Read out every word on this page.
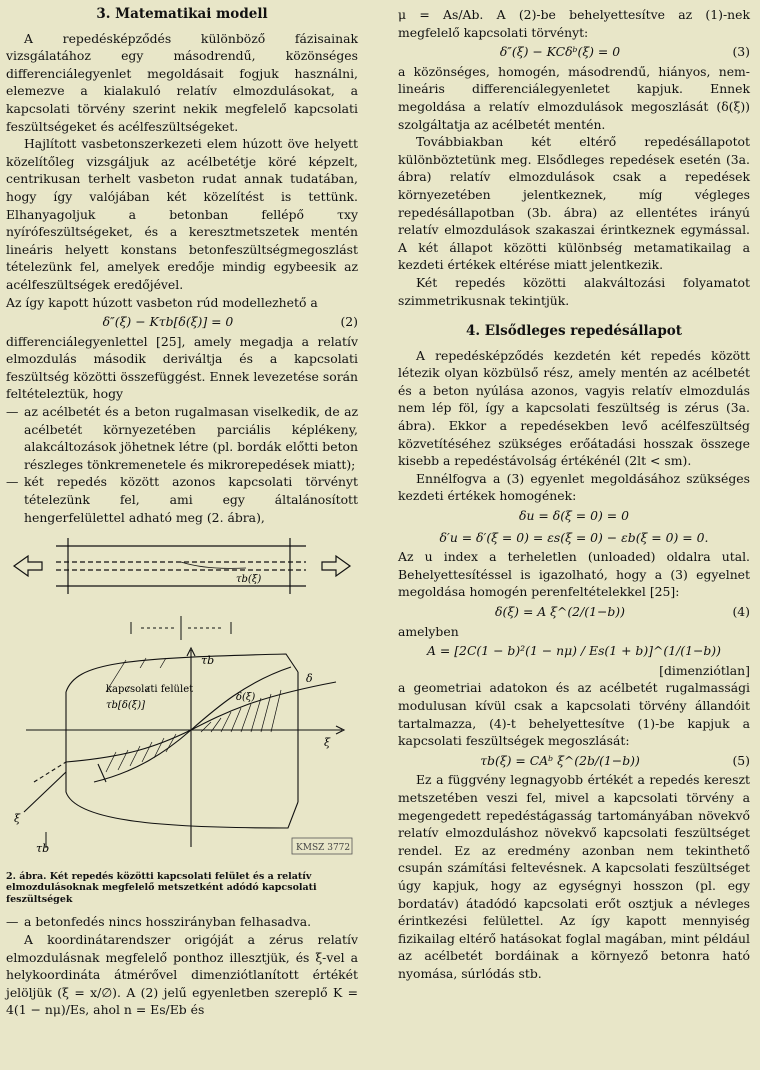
3. Matematikai modell

A repedésképződés különböző fázisainak vizsgálatához egy másodrendű, közönséges differenciálegyenlet megoldásait fogjuk használni, elemezve a kialakuló relatív elmozdulásokat, a kapcsolati törvény szerint nekik megfelelő kapcsolati feszültségeket és acélfeszültségeket.

Hajlított vasbetonszerkezeti elem húzott öve helyett közelítőleg vizsgáljuk az acélbetétje köré képzelt, centrikusan terhelt vasbeton rudat annak tudatában, hogy így valójában két közelítést is tettünk. Elhanyagoljuk a betonban fellépő τxy nyírófeszültségeket, és a keresztmetszetek mentén lineáris helyett konstans betonfeszültségmegoszlást tételezünk fel, amelyek eredője mindig egybeesik az acélfeszültségek eredőjével.

Az így kapott húzott vasbeton rúd modellezhető a

δ″(ξ) − Kτb[δ(ξ)] = 0	(2)

differenciálegyenlettel [25], amely megadja a relatív elmozdulás második deriváltja és a kapcsolati feszültség közötti összefüggést. Ennek levezetése során feltételeztük, hogy

— az acélbetét és a beton rugalmasan viselkedik, de az acélbetét környezetében parciális képlékeny, alakcáltozások jöhetnek létre (pl. bordák előtti beton részleges tönkremenetele és mikrorepedések miatt);
— két repedés között azonos kapcsolati törvényt tételezünk fel, ami egy általánosított hengerfelülettel adható meg (2. ábra),
τb(ξ)
kapcsolati felület
τb[δ(ξ)]
δ(ξ)
δ
τb
ξ
ξ
τb	KMSZ 3772
2. ábra. Két repedés közötti kapcsolati felület és a relatív elmozdulásoknak megfelelő metszetként adódó kapcsolati feszültségek
— a betonfedés nincs hosszirányban felhasadva.

A koordinátarendszer origóját a zérus relatív elmozdulásnak megfelelő ponthoz illesztjük, és ξ-vel a helykoordináta átmérővel dimenziótlanított értékét jelöljük (ξ = x/∅). A (2) jelű egyenletben szereplő K = 4(1 − nμ)/Es, ahol n = Es/Eb és

μ = As/Ab. A (2)-be behelyettesítve az (1)-nek megfelelő kapcsolati törvényt:

δ″(ξ) − KCδᵇ(ξ) = 0	(3)

a közönséges, homogén, másodrendű, hiányos, nem-lineáris differenciálegyenletet kapjuk. Ennek megoldása a relatív elmozdulások megoszlását (δ(ξ)) szolgáltatja az acélbetét mentén.

Továbbiakban két eltérő repedésállapotot különböztetünk meg. Elsődleges repedések esetén (3a. ábra) relatív elmozdulások csak a repedések környezetében jelentkeznek, míg végleges repedésállapotban (3b. ábra) az ellentétes irányú relatív elmozdulások szakaszai érintkeznek egymással. A két állapot közötti különbség metamatikailag a kezdeti értékek eltérése miatt jelentkezik.

Két repedés közötti alakváltozási folyamatot szimmetrikusnak tekintjük.

4. Elsődleges repedésállapot

A repedésképződés kezdetén két repedés között létezik olyan közbülső rész, amely mentén az acélbetét és a beton nyúlása azonos, vagyis relatív elmozdulás nem lép föl, így a kapcsolati feszültség is zérus (3a. ábra). Ekkor a repedésekben levő acélfeszültség közvetítéséhez szükséges erőátadási hosszak összege kisebb a repedéstávolság értékénél (2lt < sm).

Ennélfogva a (3) egyenlet megoldásához szükséges kezdeti értékek homogének:

δu = δ(ξ = 0) = 0
δ′u = δ′(ξ = 0) = εs(ξ = 0) − εb(ξ = 0) = 0.

Az u index a terheletlen (unloaded) oldalra utal. Behelyettesítéssel is igazolható, hogy a (3) egyelnet megoldása homogén perenfeltételekkel [25]:

δ(ξ) = A ξ^(2/(1−b))	(4)

amelyben

A = [2C(1 − b)²(1 − nμ) / Es(1 + b)]^(1/(1−b))
[dimenziótlan]

a geometriai adatokon és az acélbetét rugalmassági modulusan kívül csak a kapcsolati törvény állandóit tartalmazza, (4)-t behelyettesítve (1)-be kapjuk a kapcsolati feszültségek megoszlását:

τb(ξ) = CAᵇ ξ^(2b/(1−b))	(5)

Ez a függvény legnagyobb értékét a repedés kereszt metszetében veszi fel, mivel a kapcsolati törvény a megengedett repedéstágasság tartományában növekvő relatív elmozduláshoz növekvő kapcsolati feszültséget rendel. Ez az eredmény azonban nem tekinthető csupán számítási feltevésnek. A kapcsolati feszültséget úgy kapjuk, hogy az egységnyi hosszon (pl. egy bordatáv) átadódó kapcsolati erőt osztjuk a névleges érintkezési felülettel. Az így kapott mennyiség fizikailag eltérő hatásokat foglal magában, mint például az acélbetét bordáinak a környező betonra ható nyomása, súrlódás stb.
